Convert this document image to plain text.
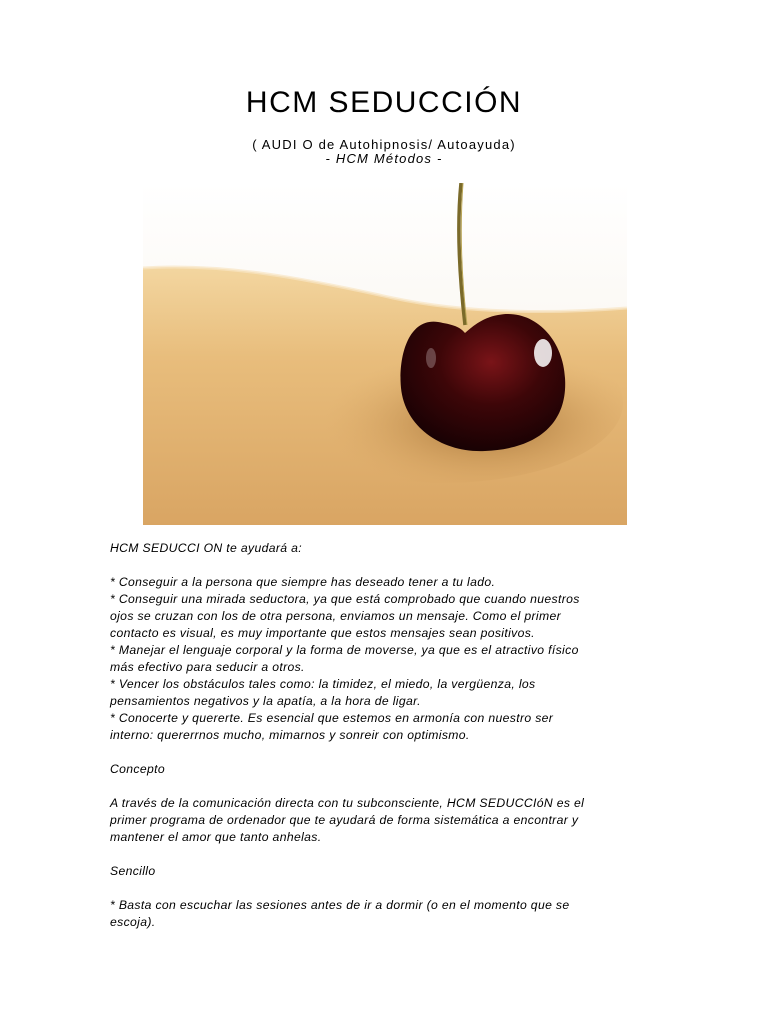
HCM SEDUCCIÓN
( AUDI O de Autohipnosis/ Autoayuda)
- HCM Métodos -

HCM SEDUCCI ON te ayudará a:

* Conseguir a la persona que siempre has deseado tener a tu lado.

* Conseguir una mirada seductora, ya que está comprobado que cuando nuestros

ojos se cruzan con los de otra persona, enviamos un mensaje. Como el primer

contacto es visual, es muy importante que estos mensajes sean positivos.

* Manejar el lenguaje corporal y la forma de moverse, ya que es el atractivo físico

más efectivo para seducir a otros.

* Vencer los obstáculos tales como: la timidez, el miedo, la vergüenza, los

pensamientos negativos y la apatía, a la hora de ligar.

* Conocerte y quererte. Es esencial que estemos en armonía con nuestro ser

interno: quererrnos mucho, mimarnos y sonreir con optimismo.

Concepto

A través de la comunicación directa con tu subconsciente, HCM SEDUCCIóN es el

primer programa de ordenador que te ayudará de forma sistemática a encontrar y

mantener el amor que tanto anhelas.

Sencillo

* Basta con escuchar las sesiones antes de ir a dormir (o en el momento que se

escoja).
